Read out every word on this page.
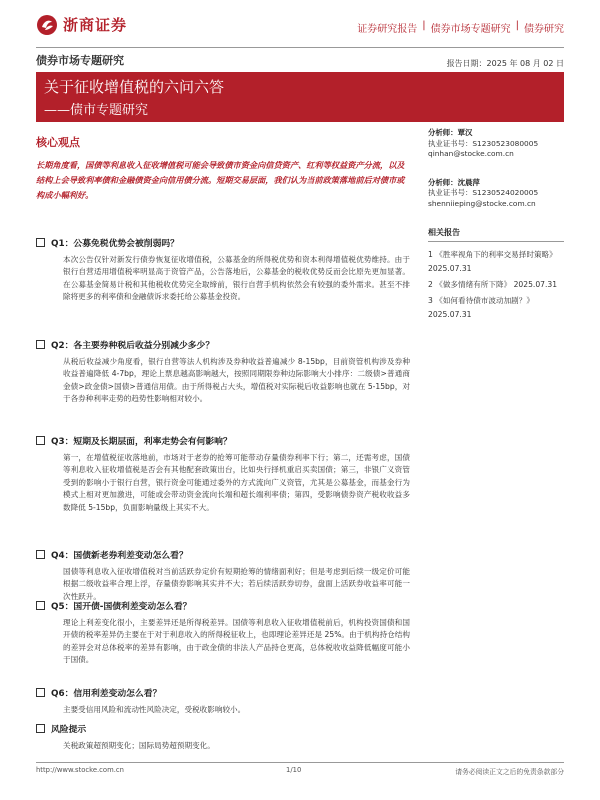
浙商证券	证券研究报告 | 债券市场专题研究 | 债券研究
债券市场专题研究	报告日期：2025 年 08 月 02 日
关于征收增值税的六问六答
——债市专题研究
核心观点

长期角度看，国债等利息收入征收增值税可能会导致债市资金向信贷资产、红利等权益资产分流，以及结构上会导致利率债和金融债资金向信用债分流。短期交易层面，我们认为当前政策落地前后对债市或构成小幅利好。

Q1：公募免税优势会被削弱吗？

本次公告仅针对新发行债券恢复征收增值税，公募基金的所得税优势和资本利得增值税优势维持。由于银行自营适用增值税率明显高于资管产品，公告落地后，公募基金的税收优势反而会比原先更加显著。在公募基金简易计税和其他税收优势完全取缔前，银行自营手机构依然会有较强的委外需求。甚至不排除将更多的利率债和金融债诉求委托给公募基金投资。

Q2：各主要券种税后收益分别减少多少？

从税后收益减少角度看，银行自营等法人机构涉及券种收益普遍减少 8-15bp，目前资管机构涉及券种收益普遍降低 4-7bp，理论上票息越高影响越大，按照同期限券种边际影响大小排序：二级债>普通商金债>政金债>国债>普通信用债。由于所得税占大头，增值税对实际税后收益影响也就在 5-15bp，对于各券种利率走势的趋势性影响相对较小。

Q3：短期及长期层面，利率走势会有何影响？

第一，在增值税征收落地前，市场对于老券的抢筹可能带动存量债券利率下行；第二，还需考虑，国债等利息收入征收增值税是否会有其他配套政策出台，比如央行择机重启买卖国债；第三，非银广义资管受到的影响小于银行自营，银行资金可能通过委外的方式流向广义资管，尤其是公募基金，而基金行为模式上相对更加激进，可能或会带动资金流向长端和超长端利率债；第四，受影响债券资产税收收益多数降低 5-15bp，负面影响量级上其实不大。

Q4：国债新老券利差变动怎么看？

国债等利息收入征收增值税对当前活跃券定价有短期抢筹的情绪面利好；但是考虑到后续一级定价可能根据二级收益率合理上浮，存量债券影响其实并不大；若后续活跃券切券，盘面上活跃券收益率可能一次性跃升。

Q5：国开债-国债利差变动怎么看？

理论上利差变化很小，主要差异还是所得税差异。国债等利息收入征收增值税前后，机构投资国债和国开债的税率差异仍主要在于对于利息收入的所得税征收上，也即理论差异还是 25%。由于机构持仓结构的差异会对总体税率的差异有影响，由于政金债的非法人产品持仓更高，总体税收收益降低幅度可能小于国债。

Q6：信用利差变动怎么看？

主要受信用风险和流动性风险决定，受税收影响较小。

风险提示

关税政策超预期变化；国际局势超预期变化。

分析师：覃汉
执业证书号：S1230523080005
qinhan@stocke.com.cn
分析师：沈晨萍
执业证书号：S1230524020005
shenniieping@stocke.com.cn
相关报告
1 《胜率视角下的利率交易择时策略》 2025.07.31
2 《做多情绪有所下降》 2025.07.31
3 《如何看待债市波动加剧？》 2025.07.31
http://www.stocke.com.cn	1/10	请务必阅读正文之后的免责条款部分
